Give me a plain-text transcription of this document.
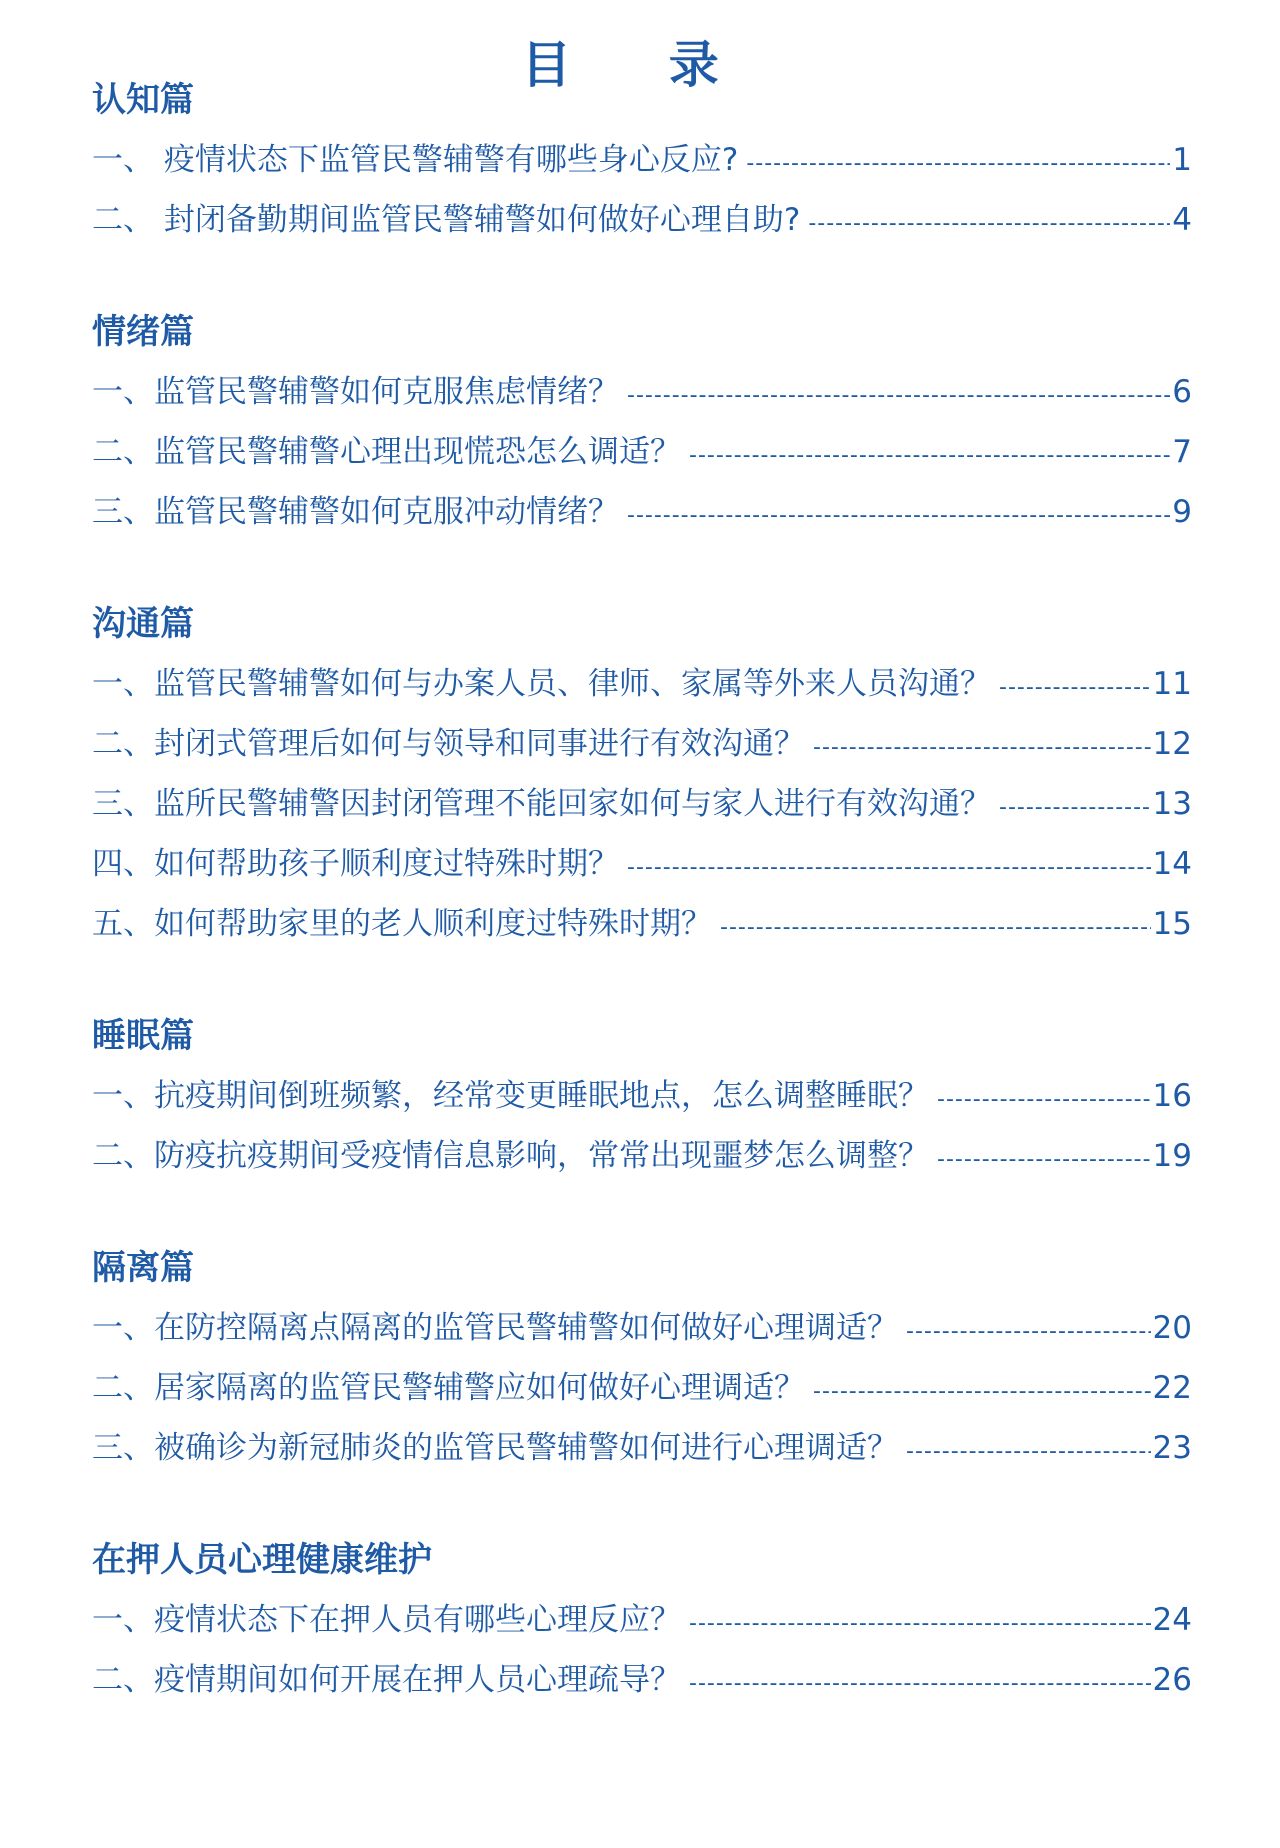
目 录
认知篇
一、 疫情状态下监管民警辅警有哪些身心反应? -----	1
二、 封闭备勤期间监管民警辅警如何做好心理自助? -----	4
情绪篇
一、监管民警辅警如何克服焦虑情绪？ -----	6
二、监管民警辅警心理出现慌恐怎么调适？ -----	7
三、监管民警辅警如何克服冲动情绪？ -----	9
沟通篇
一、监管民警辅警如何与办案人员、律师、家属等外来人员沟通？ -----	11
二、封闭式管理后如何与领导和同事进行有效沟通？ -----	12
三、监所民警辅警因封闭管理不能回家如何与家人进行有效沟通？ -----	13
四、如何帮助孩子顺利度过特殊时期？ -----	14
五、如何帮助家里的老人顺利度过特殊时期？ -----	15
睡眠篇
一、抗疫期间倒班频繁，经常变更睡眠地点，怎么调整睡眠？ -----	16
二、防疫抗疫期间受疫情信息影响，常常出现噩梦怎么调整？ -----	19
隔离篇
一、在防控隔离点隔离的监管民警辅警如何做好心理调适？ -----	20
二、居家隔离的监管民警辅警应如何做好心理调适？ -----	22
三、被确诊为新冠肺炎的监管民警辅警如何进行心理调适？ -----	23
在押人员心理健康维护
一、疫情状态下在押人员有哪些心理反应？ -----	24
二、疫情期间如何开展在押人员心理疏导？ -----	26
